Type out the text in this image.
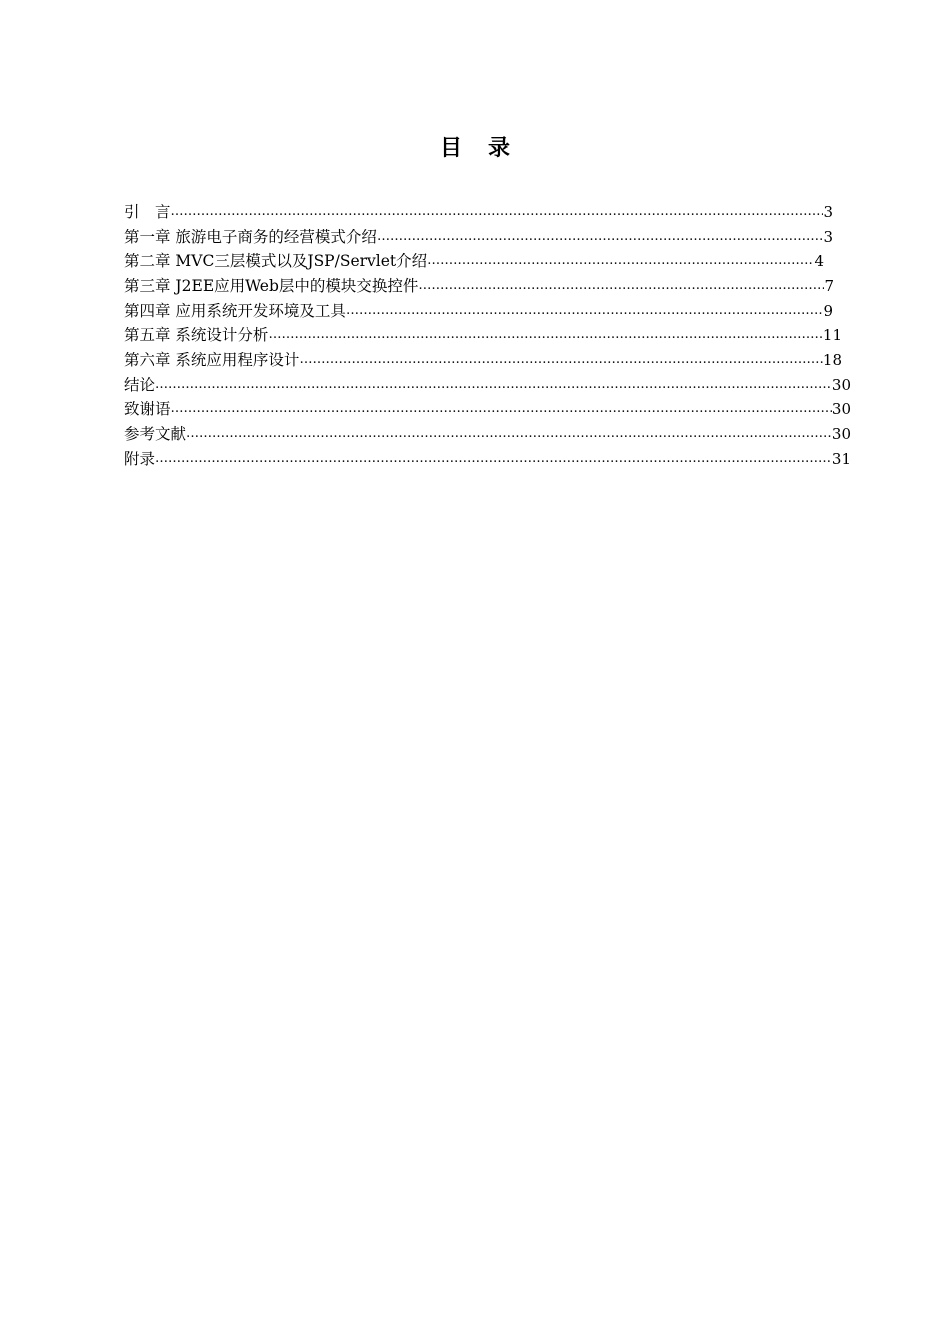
目录
引　言 ………………………………………………………………………………………………………………………………………………………………………………………………………………	3
第一章 旅游电子商务的经营模式介绍 ………………………………………………………………………………………………………………………………………………………………………………………………………………	3
第二章 MVC三层模式以及JSP/Servlet介绍 ………………………………………………………………………………………………………………………………………………………………………………………………………………	4
第三章 J2EE应用Web层中的模块交换控件 ………………………………………………………………………………………………………………………………………………………………………………………………………………	7
第四章 应用系统开发环境及工具 ………………………………………………………………………………………………………………………………………………………………………………………………………………	9
第五章 系统设计分析 ………………………………………………………………………………………………………………………………………………………………………………………………………………	11
第六章 系统应用程序设计 ………………………………………………………………………………………………………………………………………………………………………………………………………………	18
结论 ………………………………………………………………………………………………………………………………………………………………………………………………………………	30
致谢语 ………………………………………………………………………………………………………………………………………………………………………………………………………………	30
参考文献 ………………………………………………………………………………………………………………………………………………………………………………………………………………	30
附录 ………………………………………………………………………………………………………………………………………………………………………………………………………………	31
